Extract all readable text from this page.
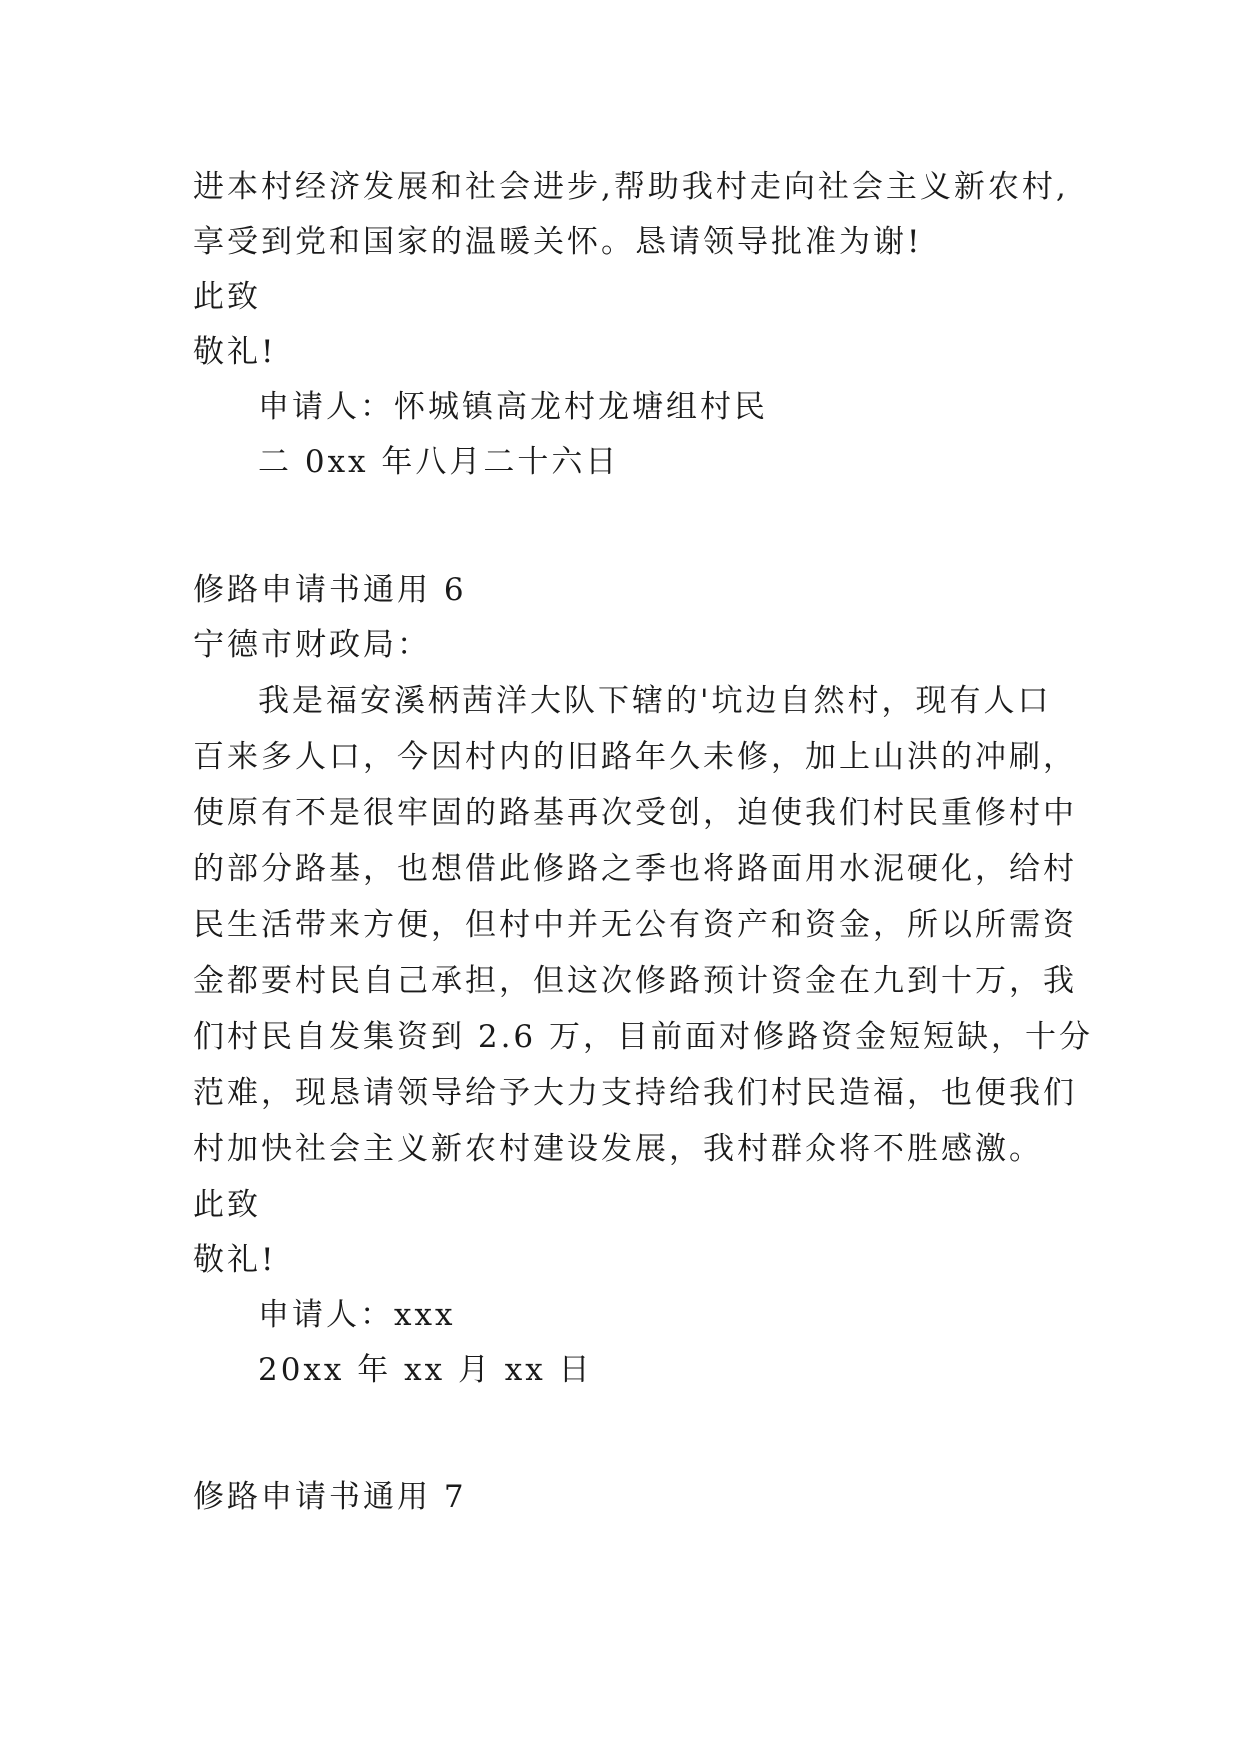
进本村经济发展和社会进步,帮助我村走向社会主义新农村,
享受到党和国家的温暖关怀。恳请领导批准为谢!
此致
敬礼!
申请人：怀城镇高龙村龙塘组村民
二 0xx 年八月二十六日
修路申请书通用 6
宁德市财政局：
我是福安溪柄茜洋大队下辖的'坑边自然村，现有人口
百来多人口，今因村内的旧路年久未修，加上山洪的冲刷，
使原有不是很牢固的路基再次受创，迫使我们村民重修村中
的部分路基，也想借此修路之季也将路面用水泥硬化，给村
民生活带来方便，但村中并无公有资产和资金，所以所需资
金都要村民自己承担，但这次修路预计资金在九到十万，我
们村民自发集资到 2.6 万，目前面对修路资金短短缺，十分
范难，现恳请领导给予大力支持给我们村民造福，也便我们
村加快社会主义新农村建设发展，我村群众将不胜感激。
此致
敬礼!
申请人：xxx
20xx 年 xx 月 xx 日
修路申请书通用 7
